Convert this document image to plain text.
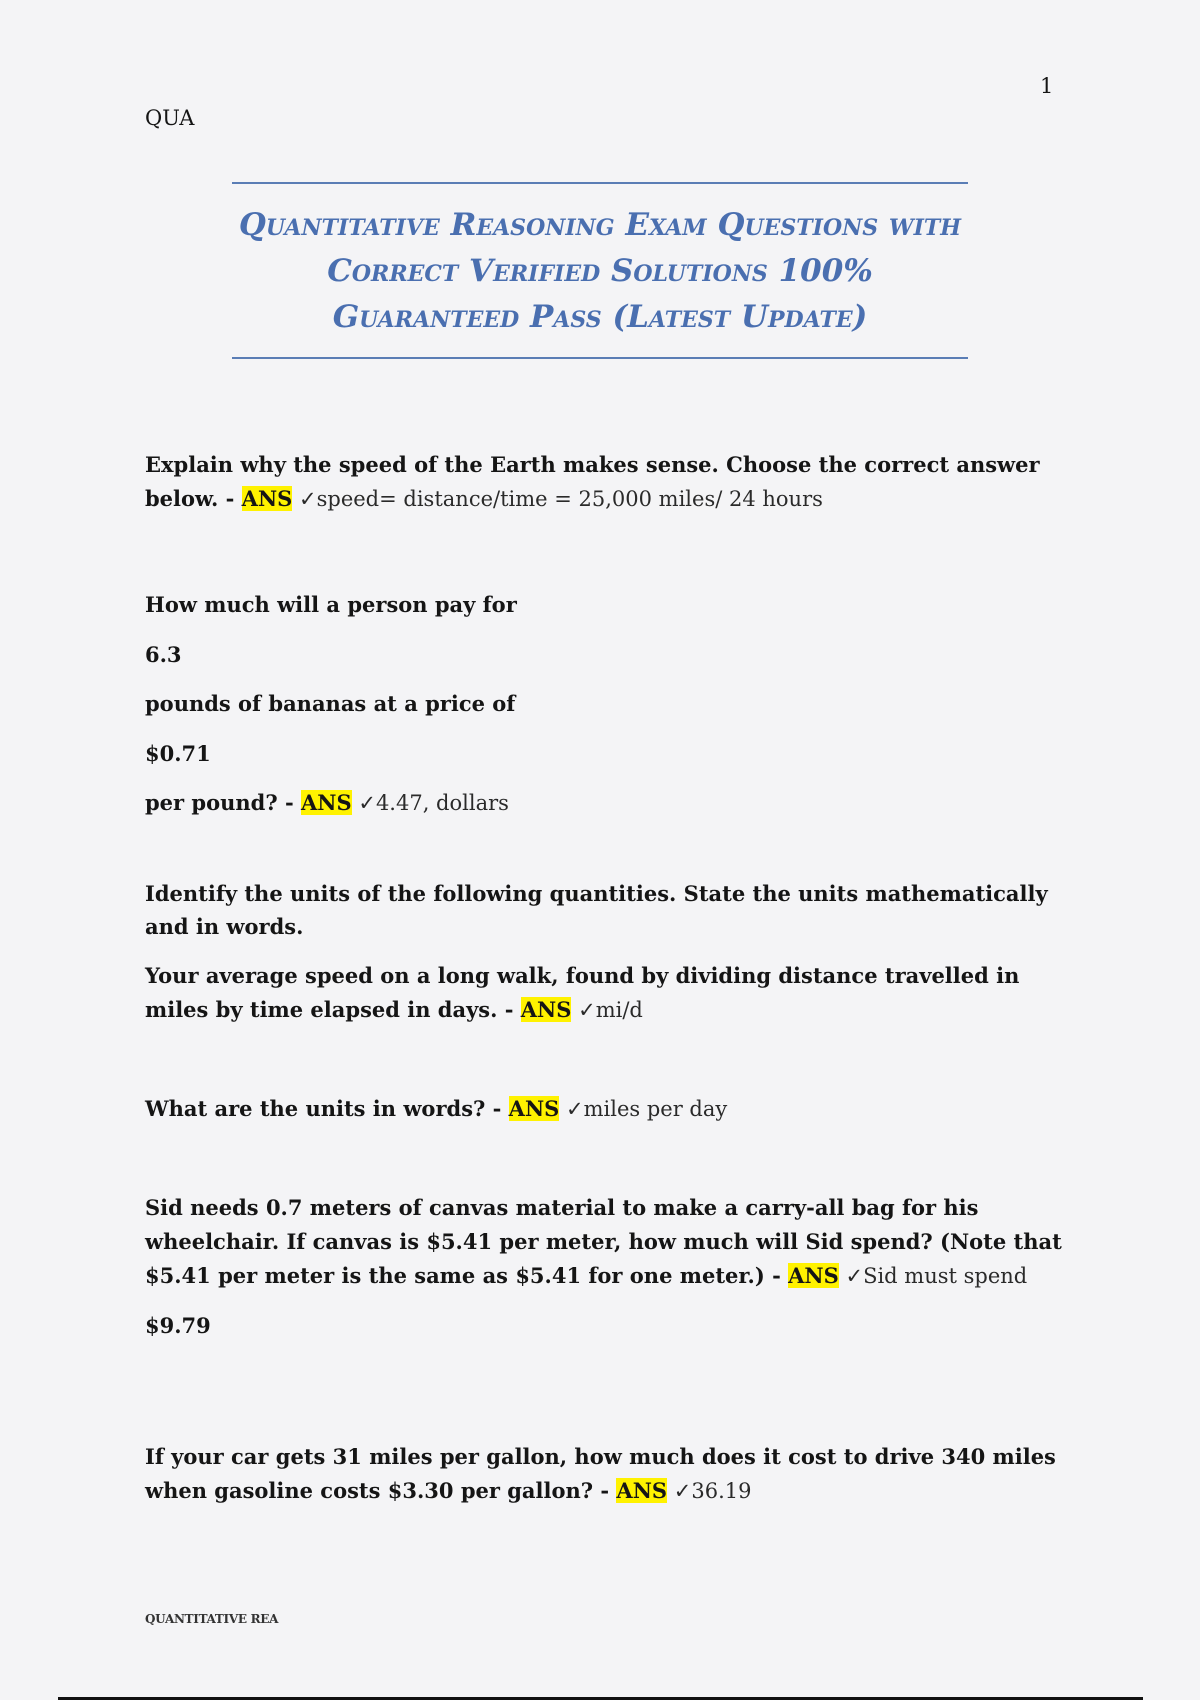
1
QUA
Quantitative Reasoning Exam Questions with
Correct Verified Solutions 100%
Guaranteed Pass (Latest Update)
Explain why the speed of the Earth makes sense. Choose the correct answer below. - ANS ✓speed= distance/time = 25,000 miles/ 24 hours
How much will a person pay for
6.3
pounds of bananas at a price of
$0.71
per pound? - ANS ✓4.47, dollars
Identify the units of the following quantities. State the units mathematically and in words.
Your average speed on a long walk, found by dividing distance travelled in miles by time elapsed in days. - ANS ✓mi/d
What are the units in words? - ANS ✓miles per day
Sid needs 0.7 meters of canvas material to make a carry-all bag for his wheelchair. If canvas is $5.41 per meter, how much will Sid spend? (Note that $5.41 per meter is the same as $5.41 for one meter.) - ANS ✓Sid must spend
$9.79
If your car gets 31 miles per gallon, how much does it cost to drive 340 miles when gasoline costs $3.30 per gallon? - ANS ✓36.19
QUANTITATIVE REA
